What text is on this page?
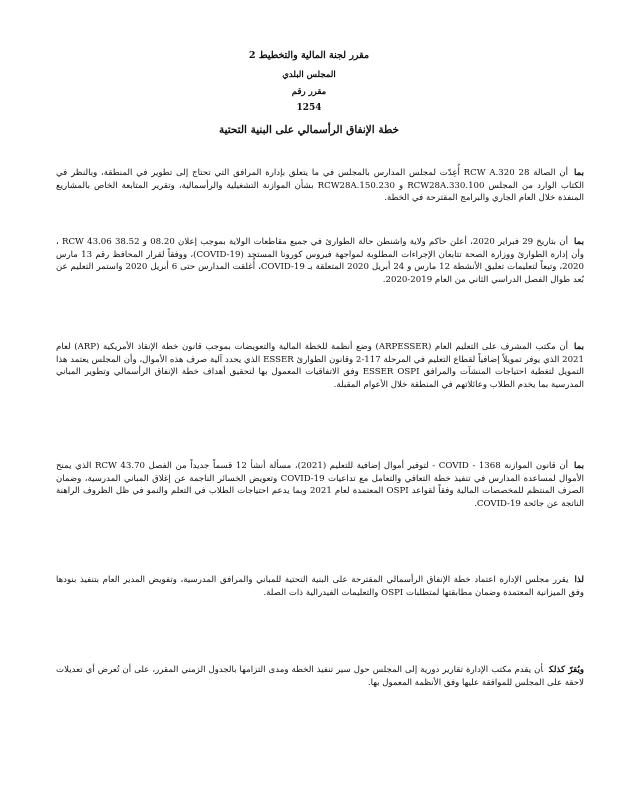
مقرر لجنة المالية والتخطيط 2
المجلس البلدي
مقرر رقم
1254
خطة الإنفاق الرأسمالي على البنية التحتية
بماأن الصالة 28 RCW A.320 أُعِدّت لمجلس المدارس بالمجلس في ما يتعلق بإدارة المرافق التي تحتاج إلى تطوير في المنطقة، وبالنظر في الكتاب الوارد من المجلس RCW28A.330.100 و RCW28A.150.230 بشأن الموازنة التشغيلية والرأسمالية، وتقرير المتابعة الخاص بالمشاريع المنفذة خلال العام الجاري والبرامج المقترحة في الخطة.
بماأن بتاريخ 29 فبراير 2020، أعلن حاكم ولاية واشنطن حالة الطوارئ في جميع مقاطعات الولاية بموجب إعلان 08.20 و 38.52 RCW 43.06 ، وأن إدارة الطوارئ ووزارة الصحة تتابعان الإجراءات المطلوبة لمواجهة فيروس كورونا المستجد (COVID-19)، ووفقاً لقرار المحافظ رقم 13 مارس 2020، وتبعاً لتعليمات تعليق الأنشطة 12 مارس و 24 أبريل 2020 المتعلقة بـ COVID-19، أُغلقت المدارس حتى 6 أبريل 2020 واستمر التعليم عن بُعد طوال الفصل الدراسي الثاني من العام 2019-2020.
بماأن مكتب المشرف على التعليم العام (ARPESSER) وضع أنظمة للخطة المالية والتعويضات بموجب قانون خطة الإنقاذ الأمريكية (ARP) لعام 2021 الذي يوفر تمويلاً إضافياً لقطاع التعليم في المرحلة 117-2 وقانون الطوارئ ESSER الذي يحدد آلية صرف هذه الأموال، وأن المجلس يعتمد هذا التمويل لتغطية احتياجات المنشآت والمرافق ESSER OSPI وفق الاتفاقيات المعمول بها لتحقيق أهداف خطة الإنفاق الرأسمالي وتطوير المباني المدرسية بما يخدم الطلاب وعائلاتهم في المنطقة خلال الأعوام المقبلة.
بماأن قانون الموازنة 1368 - COVID - لتوفير أموال إضافية للتعليم (2021)، مسألة أنشأ 12 قسماً جديداً من الفصل RCW 43.70 الذي يمنح الأموال لمساعدة المدارس في تنفيذ خطة التعافي والتعامل مع تداعيات COVID-19 وتعويض الخسائر الناجمة عن إغلاق المباني المدرسية، وضمان الصرف المنتظم للمخصصات المالية وفقاً لقواعد OSPI المعتمدة لعام 2021 وبما يدعم احتياجات الطلاب في التعلم والنمو في ظل الظروف الراهنة الناتجة عن جائحة COVID-19.
لذايقرر مجلس الإدارة اعتماد خطة الإنفاق الرأسمالي المقترحة على البنية التحتية للمباني والمرافق المدرسية، وتفويض المدير العام بتنفيذ بنودها وفق الميزانية المعتمدة وضمان مطابقتها لمتطلبات OSPI والتعليمات الفيدرالية ذات الصلة.
ويُقرّ كذلكأن يقدم مكتب الإدارة تقارير دورية إلى المجلس حول سير تنفيذ الخطة ومدى التزامها بالجدول الزمني المقرر، على أن تُعرض أي تعديلات لاحقة على المجلس للموافقة عليها وفق الأنظمة المعمول بها.
